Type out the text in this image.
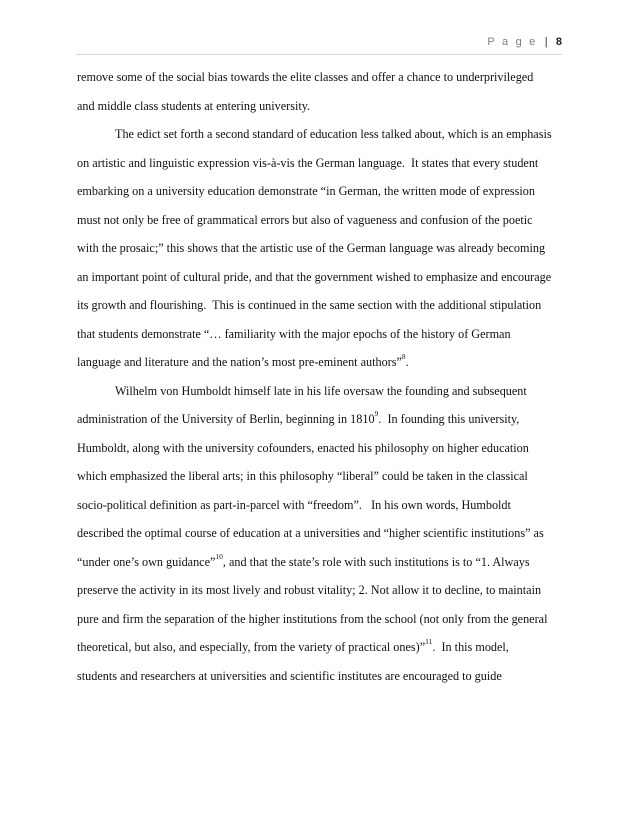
P a g e | 8
remove some of the social bias towards the elite classes and offer a chance to underprivileged
and middle class students at entering university.
The edict set forth a second standard of education less talked about, which is an emphasis
on artistic and linguistic expression vis-à-vis the German language.  It states that every student
embarking on a university education demonstrate “in German, the written mode of expression
must not only be free of grammatical errors but also of vagueness and confusion of the poetic
with the prosaic;” this shows that the artistic use of the German language was already becoming
an important point of cultural pride, and that the government wished to emphasize and encourage
its growth and flourishing.  This is continued in the same section with the additional stipulation
that students demonstrate “… familiarity with the major epochs of the history of German
language and literature and the nation’s most pre-eminent authors” 8 .
Wilhelm von Humboldt himself late in his life oversaw the founding and subsequent
administration of the University of Berlin, beginning in 1810 9 .  In founding this university,
Humboldt, along with the university cofounders, enacted his philosophy on higher education
which emphasized the liberal arts; in this philosophy “liberal” could be taken in the classical
socio-political definition as part-in-parcel with “freedom”.   In his own words, Humboldt
described the optimal course of education at a universities and “higher scientific institutions” as
“under one’s own guidance” 10 , and that the state’s role with such institutions is to “1. Always
preserve the activity in its most lively and robust vitality; 2. Not allow it to decline, to maintain
pure and firm the separation of the higher institutions from the school (not only from the general
theoretical, but also, and especially, from the variety of practical ones)” 11 .  In this model,
students and researchers at universities and scientific institutes are encouraged to guide
